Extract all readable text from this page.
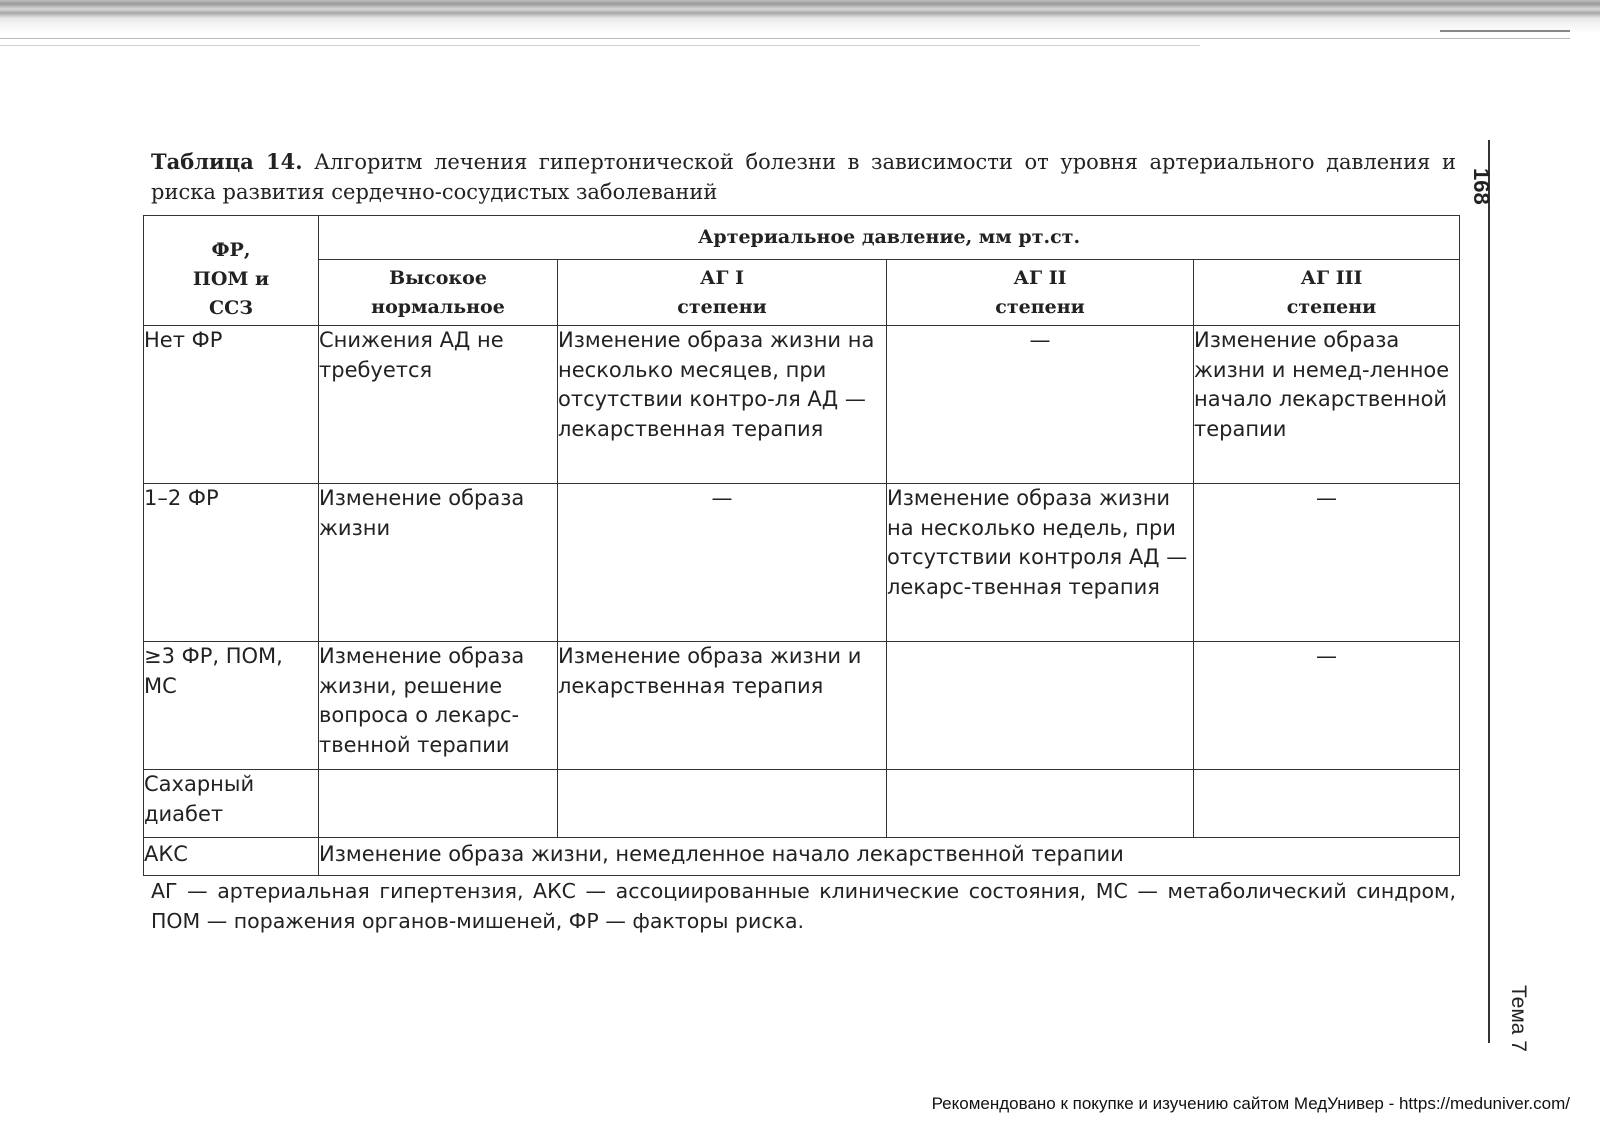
Таблица 14. Алгоритм лечения гипертонической болезни в зависимости от уровня артериального давления и риска развития сердечно-сосудистых заболеваний
ФР, ПОМ и ССЗ	Артериальное давление, мм рт.ст.			
	Высокое нормальное	АГ I степени	АГ II степени	АГ III степени
Нет ФР	Снижения АД не требуется	Изменение образа жизни на несколько месяцев, при отсутствии контро-ля АД — лекарственная терапия	—	Изменение образа жизни и немед-ленное начало лекарственной терапии
1–2 ФР	Изменение образа жизни	—	Изменение образа жизни на несколько недель, при отсутствии контроля АД — лекарс-твенная терапия	—
≥3 ФР, ПОМ, МС	Изменение образа жизни, решение вопроса о лекарс-твенной терапии	Изменение образа жизни и лекарственная терапия		—
Сахарный диабет				
АКС	Изменение образа жизни, немедленное начало лекарственной терапии			
АГ — артериальная гипертензия, АКС — ассоциированные клинические состояния, МС — метаболический синдром, ПОМ — поражения органов-мишеней, ФР — факторы риска.
168
Тема 7
Рекомендовано к покупке и изучению сайтом МедУнивер - https://meduniver.com/
